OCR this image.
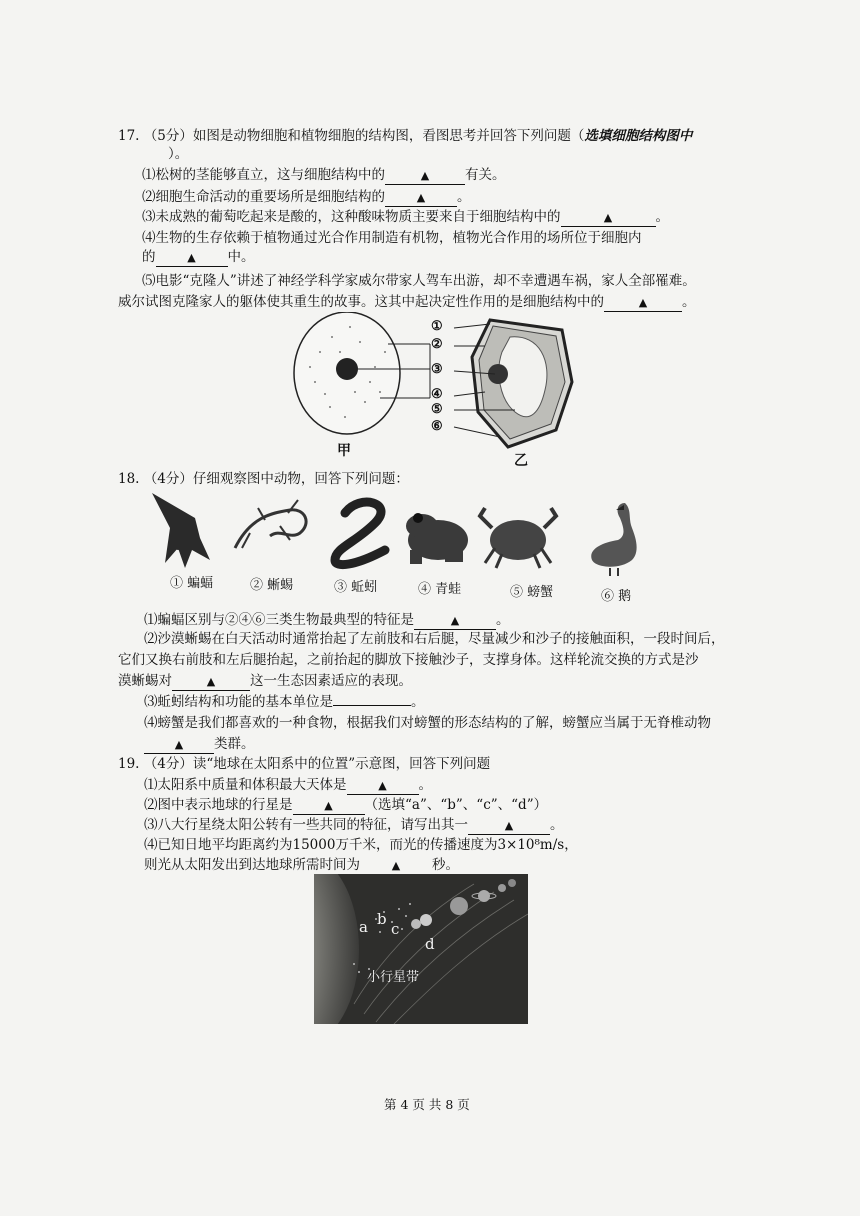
17. （5分）如图是动物细胞和植物细胞的结构图，看图思考并回答下列问题（选填细胞结构图中
）。
⑴松树的茎能够直立，这与细胞结构中的	▲	有关。
⑵细胞生命活动的重要场所是细胞结构的	▲ 。
⑶未成熟的葡萄吃起来是酸的，这种酸味物质主要来自于细胞结构中的	▲	。
⑷生物的生存依赖于植物通过光合作用制造有机物，植物光合作用的场所位于细胞内
的	▲ 中。
⑸电影“克隆人”讲述了神经学科学家威尔带家人驾车出游，却不幸遭遇车祸，家人全部罹难。
威尔试图克隆家人的躯体使其重生的故事。这其中起决定性作用的是细胞结构中的	▲	。
①
②
③
④
⑤
⑥
甲
乙
18. （4分）仔细观察图中动物，回答下列问题：
① 蝙蝠	② 蜥蜴	③ 蚯蚓	④ 青蛙	⑤ 螃蟹	⑥ 鹅
⑴蝙蝠区别与②④⑥三类生物最典型的特征是	▲	。
⑵沙漠蜥蜴在白天活动时通常抬起了左前肢和右后腿，尽量减少和沙子的接触面积，一段时间后，
它们又换右前肢和左后腿抬起，之前抬起的脚放下接触沙子，支撑身体。这样轮流交换的方式是沙
漠蜥蜴对	▲	这一生态因素适应的表现。
⑶蚯蚓结构和功能的基本单位是	。
⑷螃蟹是我们都喜欢的一种食物，根据我们对螃蟹的形态结构的了解，螃蟹应当属于无脊椎动物
▲ 类群。
19. （4分）读“地球在太阳系中的位置”示意图，回答下列问题
⑴太阳系中质量和体积最大天体是	▲ 。
⑵图中表示地球的行星是	▲ （选填“a”、“b”、“c”、“d”）
⑶八大行星绕太阳公转有一些共同的特征，请写出其一	▲	。
⑷已知日地平均距离约为15000万千米，而光的传播速度为3×10⁸m/s，
则光从太阳发出到达地球所需时间为	▲ 秒。
a b
c
d
小行星带
第 4 页 共 8 页
